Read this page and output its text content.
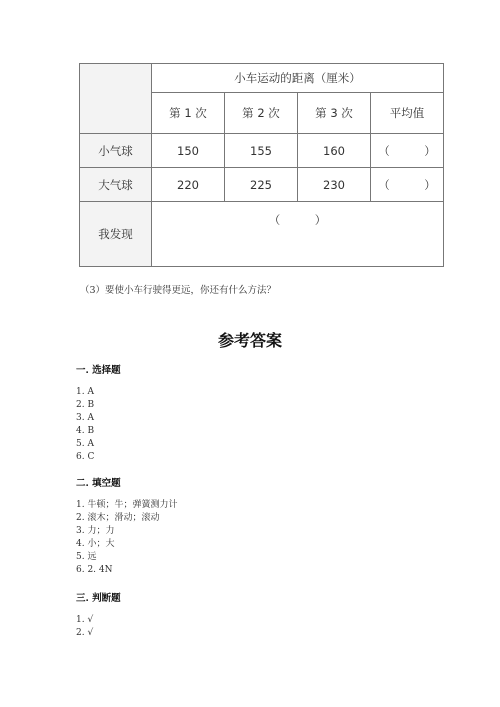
	小车运动的距离（厘米）			
	第 1 次	第 2 次	第 3 次	平均值
小气球	150	155	160	（　　　）
大气球	220	225	230	（　　　）
我发现	（　　　）			
（3）要使小车行驶得更远，你还有什么方法？
参考答案
一. 选择题
1. A
2. B
3. A
4. B
5. A
6. C
二. 填空题
1. 牛顿；牛；弹簧测力计
2. 滚木；滑动；滚动
3. 力；力
4. 小；大
5. 远
6. 2. 4N
三. 判断题
1. √
2. √
